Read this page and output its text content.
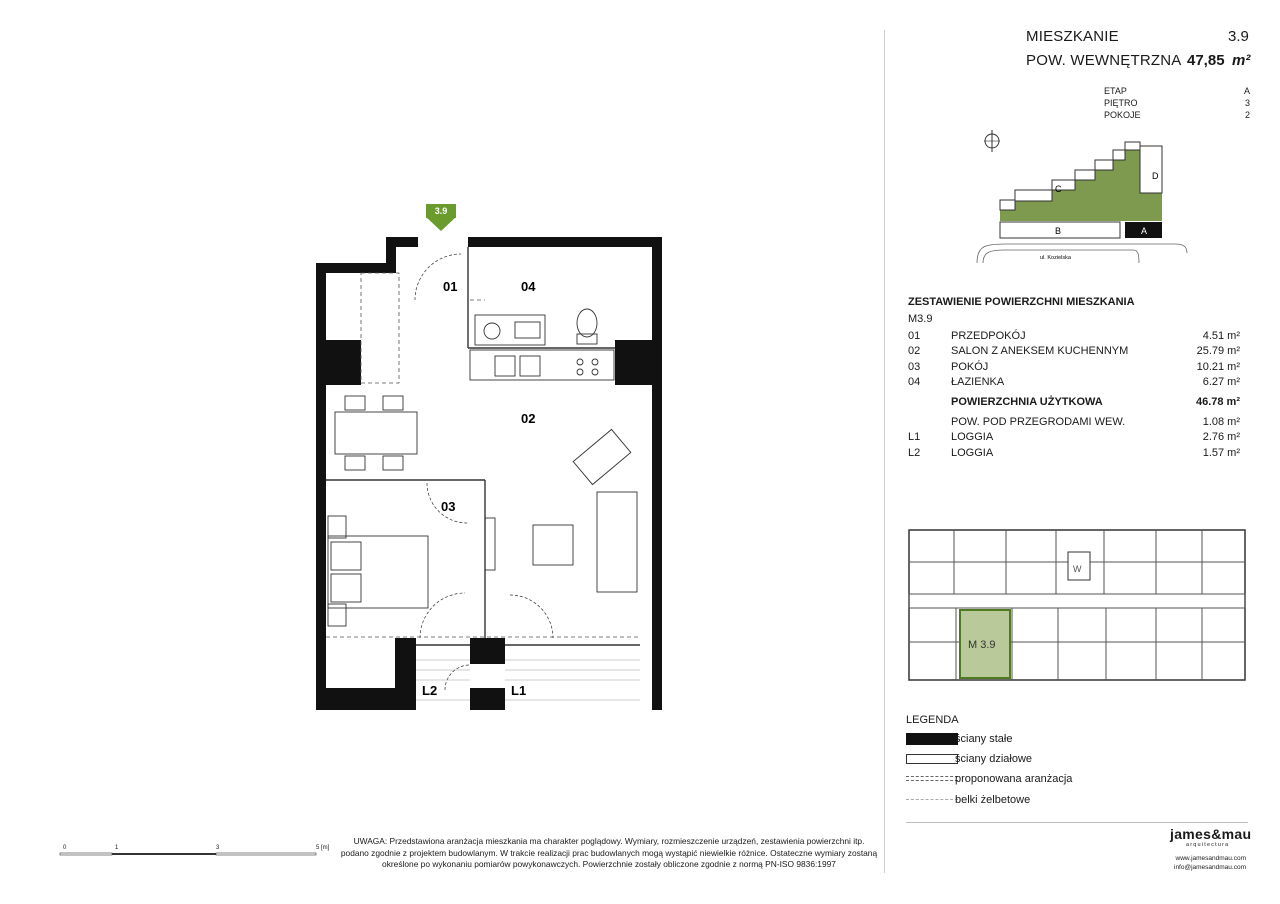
MIESZKANIE	3.9
POW. WEWNĘTRZNA 47,85 m²
ETAP	A
PIĘTRO	3
POKOJE	2
C
D
B	A
ul. Kozielska
ZESTAWIENIE POWIERZCHNI MIESZKANIA
M3.9
01	PRZEDPOKÓJ	4.51 m²
02	SALON Z ANEKSEM KUCHENNYM	25.79 m²
03	POKÓJ	10.21 m²
04	ŁAZIENKA	6.27 m²
	POWIERZCHNIA UŻYTKOWA	46.78 m²
	POW. POD PRZEGRODAMI WEW.	1.08 m²
L1	LOGGIA	2.76 m²
L2	LOGGIA	1.57 m²
W
M 3.9
01	04
02
03
L2	L1
3.9
LEGENDA
ściany stałe
ściany działowe
proponowana aranżacja
belki żelbetowe
0	1	3	5 [m]
UWAGA: Przedstawiona aranżacja mieszkania ma charakter poglądowy. Wymiary, rozmieszczenie urządzeń, zestawienia powierzchni itp. podano zgodnie z projektem budowlanym. W trakcie realizacji prac budowlanych mogą wystąpić niewielkie różnice. Ostateczne wymiary zostaną określone po wykonaniu pomiarów powykonawczych. Powierzchnie zostały obliczone zgodnie z normą PN-ISO 9836:1997
james&mau
arquitectura
www.jamesandmau.com
info@jamesandmau.com
